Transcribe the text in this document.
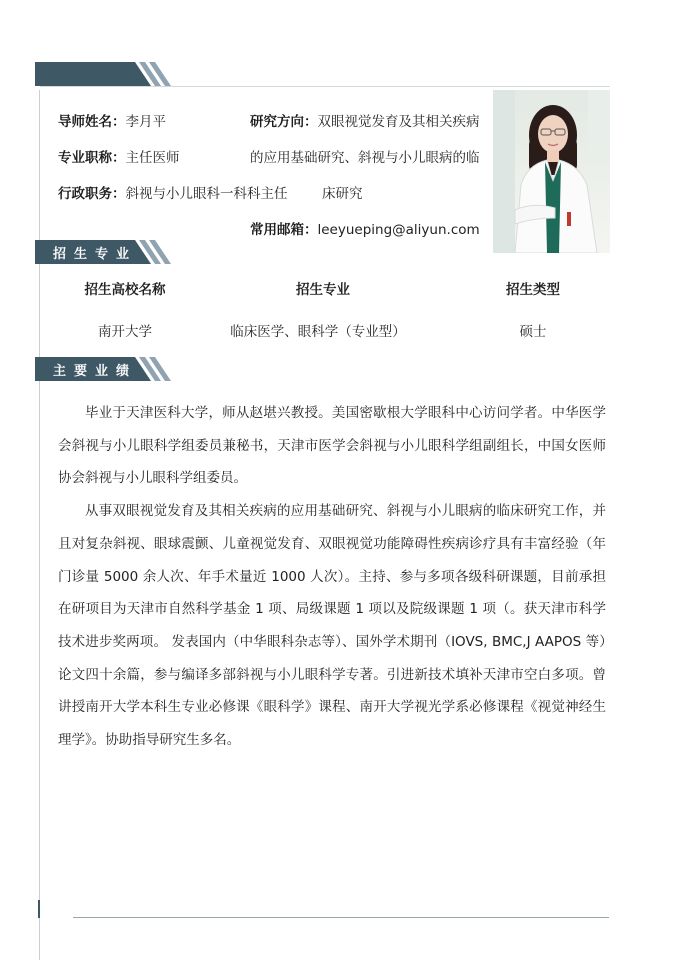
导师姓名：李月平
专业职称：主任医师
行政职务：斜视与小儿眼科一科科主任
研究方向：双眼视觉发育及其相关疾病
的应用基础研究、斜视与小儿眼病的临
床研究
常用邮箱：leeyueping@aliyun.com
招生专业
招生高校名称	招生专业	招生类型
南开大学	临床医学、眼科学（专业型）	硕士
主要业绩

毕业于天津医科大学，师从赵堪兴教授。美国密歇根大学眼科中心访问学者。中华医学会斜视与小儿眼科学组委员兼秘书，天津市医学会斜视与小儿眼科学组副组长，中国女医师协会斜视与小儿眼科学组委员。

从事双眼视觉发育及其相关疾病的应用基础研究、斜视与小儿眼病的临床研究工作，并且对复杂斜视、眼球震颤、儿童视觉发育、双眼视觉功能障碍性疾病诊疗具有丰富经验（年门诊量 5000 余人次、年手术量近 1000 人次）。主持、参与多项各级科研课题，目前承担在研项目为天津市自然科学基金 1 项、局级课题 1 项以及院级课题 1 项（。获天津市科学技术进步奖两项。 发表国内（中华眼科杂志等）、国外学术期刊（IOVS, BMC,J AAPOS 等）论文四十余篇，参与编译多部斜视与小儿眼科学专著。引进新技术填补天津市空白多项。曾讲授南开大学本科生专业必修课《眼科学》课程、南开大学视光学系必修课程《视觉神经生理学》。协助指导研究生多名。
